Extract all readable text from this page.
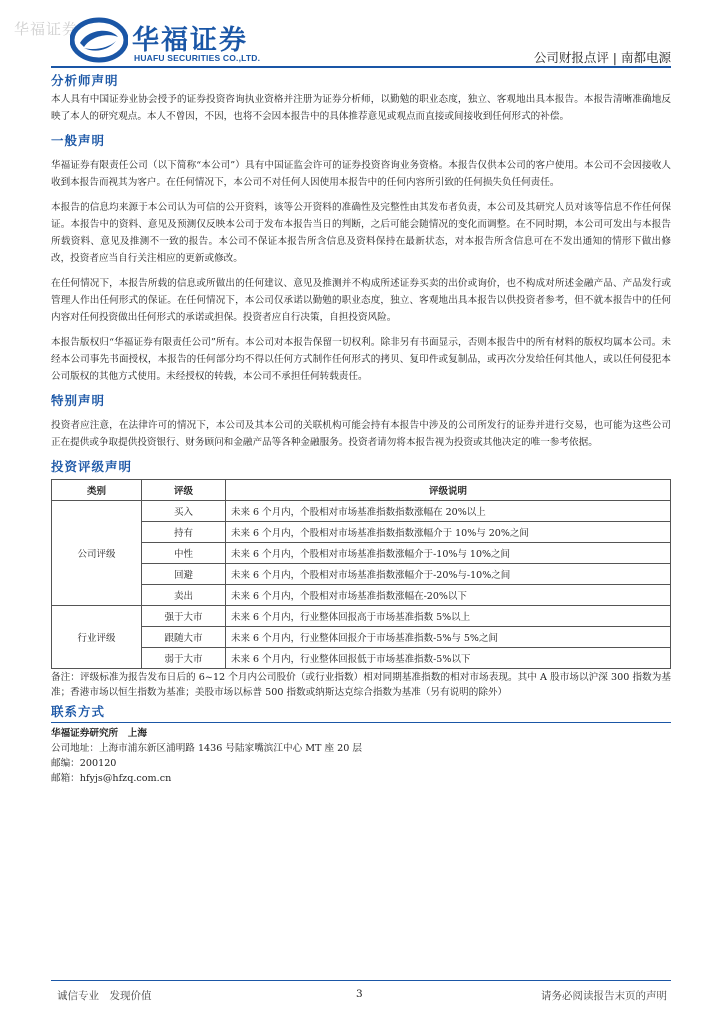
华福证券 华福证券
HUAFU SECURITIES CO.,LTD.	公司财报点评 | 南都电源
分析师声明
本人具有中国证券业协会授予的证券投资咨询执业资格并注册为证券分析师，以勤勉的职业态度，独立、客观地出具本报告。本报告清晰准确地反映了本人的研究观点。本人不曾因，不因，也将不会因本报告中的具体推荐意见或观点而直接或间接收到任何形式的补偿。
一般声明
华福证券有限责任公司（以下简称“本公司”）具有中国证监会许可的证券投资咨询业务资格。本报告仅供本公司的客户使用。本公司不会因接收人收到本报告而视其为客户。在任何情况下，本公司不对任何人因使用本报告中的任何内容所引致的任何损失负任何责任。
本报告的信息均来源于本公司认为可信的公开资料，该等公开资料的准确性及完整性由其发布者负责，本公司及其研究人员对该等信息不作任何保证。本报告中的资料、意见及预测仅反映本公司于发布本报告当日的判断，之后可能会随情况的变化而调整。在不同时期，本公司可发出与本报告所载资料、意见及推测不一致的报告。本公司不保证本报告所含信息及资料保持在最新状态，对本报告所含信息可在不发出通知的情形下做出修改，投资者应当自行关注相应的更新或修改。
在任何情况下，本报告所载的信息或所做出的任何建议、意见及推测并不构成所述证券买卖的出价或询价，也不构成对所述金融产品、产品发行或管理人作出任何形式的保证。在任何情况下，本公司仅承诺以勤勉的职业态度，独立、客观地出具本报告以供投资者参考，但不就本报告中的任何内容对任何投资做出任何形式的承诺或担保。投资者应自行决策，自担投资风险。
本报告版权归“华福证券有限责任公司”所有。本公司对本报告保留一切权利。除非另有书面显示，否则本报告中的所有材料的版权均属本公司。未经本公司事先书面授权，本报告的任何部分均不得以任何方式制作任何形式的拷贝、复印件或复制品，或再次分发给任何其他人，或以任何侵犯本公司版权的其他方式使用。未经授权的转载，本公司不承担任何转载责任。
特别声明
投资者应注意，在法律许可的情况下，本公司及其本公司的关联机构可能会持有本报告中涉及的公司所发行的证券并进行交易，也可能为这些公司正在提供或争取提供投资银行、财务顾问和金融产品等各种金融服务。投资者请勿将本报告视为投资或其他决定的唯一参考依据。
投资评级声明
类别	评级	评级说明
公司评级	买入	未来 6 个月内，个股相对市场基准指数指数涨幅在 20%以上
	持有	未来 6 个月内，个股相对市场基准指数指数涨幅介于 10%与 20%之间
	中性	未来 6 个月内，个股相对市场基准指数涨幅介于-10%与 10%之间
	回避	未来 6 个月内，个股相对市场基准指数涨幅介于-20%与-10%之间
	卖出	未来 6 个月内，个股相对市场基准指数涨幅在-20%以下
行业评级	强于大市	未来 6 个月内，行业整体回报高于市场基准指数 5%以上
	跟随大市	未来 6 个月内，行业整体回报介于市场基准指数-5%与 5%之间
	弱于大市	未来 6 个月内，行业整体回报低于市场基准指数-5%以下
备注：评级标准为报告发布日后的 6~12 个月内公司股价（或行业指数）相对同期基准指数的相对市场表现。其中 A 股市场以沪深 300 指数为基准；香港市场以恒生指数为基准；美股市场以标普 500 指数或纳斯达克综合指数为基准（另有说明的除外）
联系方式
华福证券研究所　上海
公司地址：上海市浦东新区浦明路 1436 号陆家嘴滨江中心 MT 座 20 层
邮编：200120
邮箱：hfyjs@hfzq.com.cn
诚信专业　发现价值	3	请务必阅读报告末页的声明
